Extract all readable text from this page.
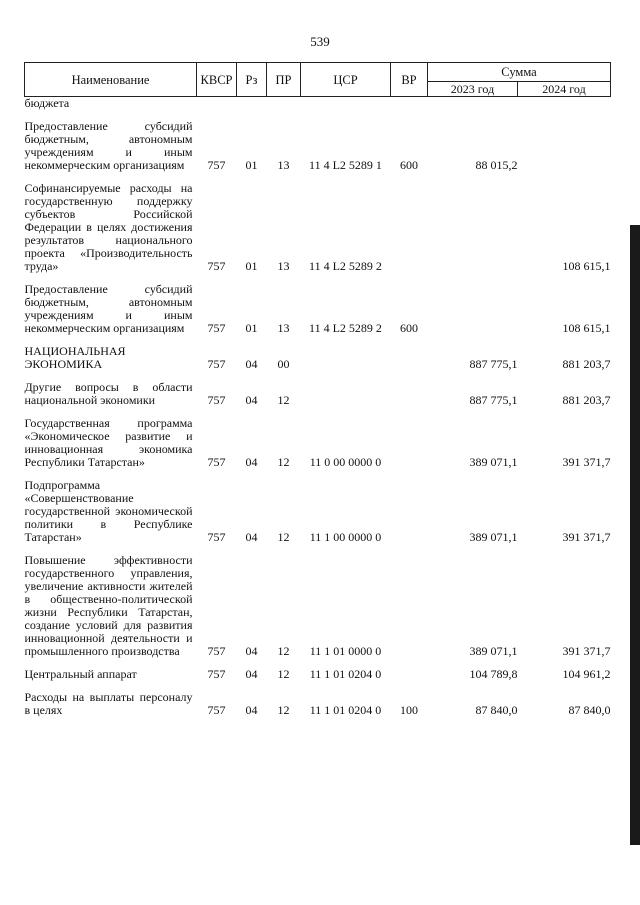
539
Наименование	КВСР	Рз	ПР	ЦСР	ВР	Сумма	
						2023 год	2024 год
бюджета							

Предоставление субсидий бюджетным, автономным учреждениям и иным некоммерческим организациям	757	01	13	11 4 L2 5289 1	600	88 015,2	

Софинансируемые расходы на государственную поддержку субъектов Российской Федерации в целях достижения результатов национального проекта «Производительность труда»	757	01	13	11 4 L2 5289 2			108 615,1

Предоставление субсидий бюджетным, автономным учреждениям и иным некоммерческим организациям	757	01	13	11 4 L2 5289 2	600		108 615,1

НАЦИОНАЛЬНАЯ ЭКОНОМИКА	757	04	00			887 775,1	881 203,7

Другие вопросы в области национальной экономики	757	04	12			887 775,1	881 203,7

Государственная программа «Экономическое развитие и инновационная экономика Республики Татарстан»	757	04	12	11 0 00 0000 0		389 071,1	391 371,7

Подпрограмма «Совершенствование государственной экономической политики в Республике Татарстан»	757	04	12	11 1 00 0000 0		389 071,1	391 371,7

Повышение эффективности государственного управления, увеличение активности жителей в общественно-политической жизни Республики Татарстан, создание условий для развития инновационной деятельности и промышленного производства	757	04	12	11 1 01 0000 0		389 071,1	391 371,7

Центральный аппарат	757	04	12	11 1 01 0204 0		104 789,8	104 961,2

Расходы на выплаты персоналу в целях	757	04	12	11 1 01 0204 0	100	87 840,0	87 840,0
